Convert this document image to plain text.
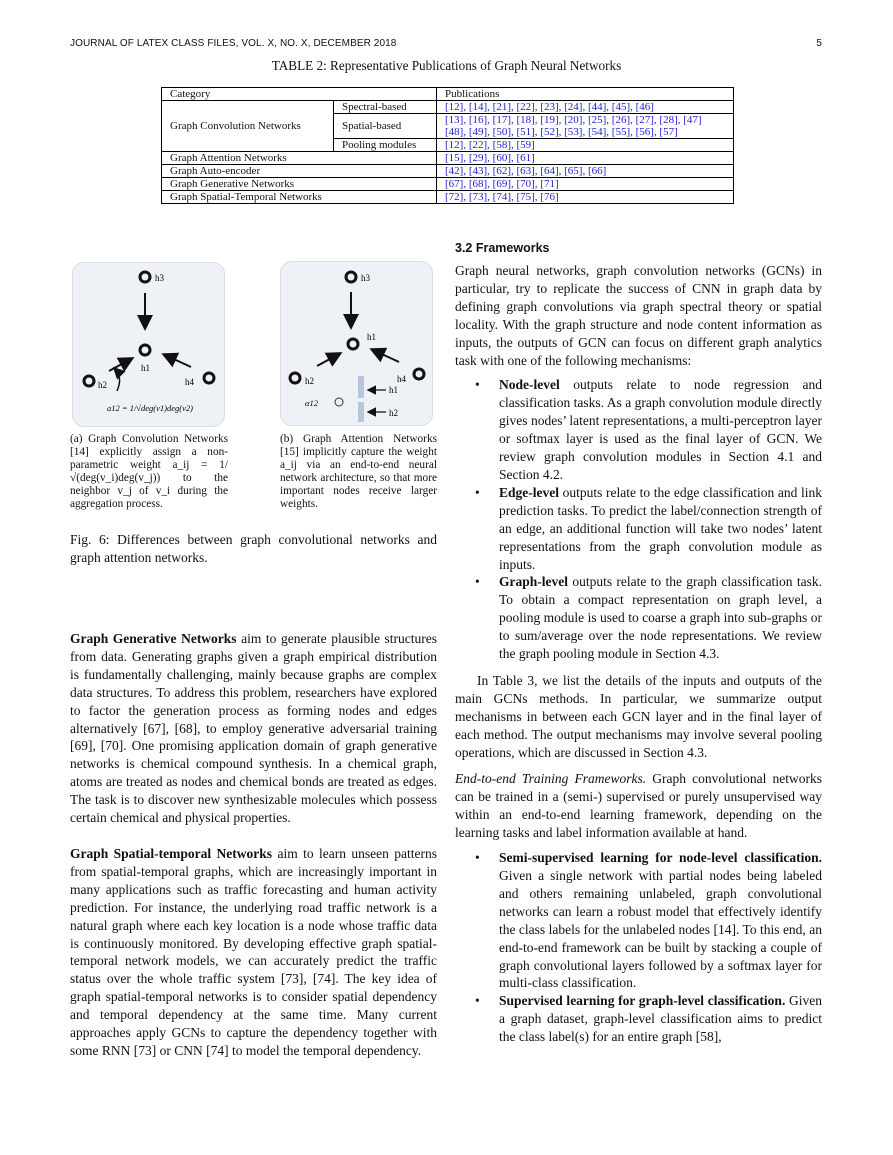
JOURNAL OF LATEX CLASS FILES, VOL. X, NO. X, DECEMBER 2018	5
TABLE 2: Representative Publications of Graph Neural Networks
Category		Publications
Graph Convolution Networks	Spectral-based	[12], [14], [21], [22], [23], [24], [44], [45], [46]
	Spatial-based	[13], [16], [17], [18], [19], [20], [25], [26], [27], [28], [47] [48], [49], [50], [51], [52], [53], [54], [55], [56], [57]
	Pooling modules	[12], [22], [58], [59]
Graph Attention Networks		[15], [29], [60], [61]
Graph Auto-encoder		[42], [43], [62], [63], [64], [65], [66]
Graph Generative Networks		[67], [68], [69], [70], [71]
Graph Spatial-Temporal Networks		[72], [73], [74], [75], [76]
h3
h1
h2	h4
a12 = 1/√deg(v1)deg(v2)
h3
h1
h2	h4
h1
h2
α12
(a) Graph Convolution Networks [14] explicitly assign a non-parametric weight a_ij = 1/√(deg(v_i)deg(v_j)) to the neighbor v_j of v_i during the aggregation process.
(b) Graph Attention Networks [15] implicitly capture the weight a_ij via an end-to-end neural network architecture, so that more important nodes receive larger weights.
Fig. 6: Differences between graph convolutional networks and graph attention networks.

Graph Generative Networks aim to generate plausible structures from data. Generating graphs given a graph empirical distribution is fundamentally challenging, mainly because graphs are complex data structures. To address this problem, researchers have explored to factor the generation process as forming nodes and edges alternatively [67], [68], to employ generative adversarial training [69], [70]. One promising application domain of graph generative networks is chemical compound synthesis. In a chemical graph, atoms are treated as nodes and chemical bonds are treated as edges. The task is to discover new synthesizable molecules which possess certain chemical and physical properties.

Graph Spatial-temporal Networks aim to learn unseen patterns from spatial-temporal graphs, which are increasingly important in many applications such as traffic forecasting and human activity prediction. For instance, the underlying road traffic network is a natural graph where each key location is a node whose traffic data is continuously monitored. By developing effective graph spatial-temporal network models, we can accurately predict the traffic status over the whole traffic system [73], [74]. The key idea of graph spatial-temporal networks is to consider spatial dependency and temporal dependency at the same time. Many current approaches apply GCNs to capture the dependency together with some RNN [73] or CNN [74] to model the temporal dependency.

3.2 Frameworks

Graph neural networks, graph convolution networks (GCNs) in particular, try to replicate the success of CNN in graph data by defining graph convolutions via graph spectral theory or spatial locality. With the graph structure and node content information as inputs, the outputs of GCN can focus on different graph analytics task with one of the following mechanisms:

• Node-level outputs relate to node regression and classification tasks. As a graph convolution module directly gives nodes’ latent representations, a multi-perceptron layer or softmax layer is used as the final layer of GCN. We review graph convolution modules in Section 4.1 and Section 4.2.
• Edge-level outputs relate to the edge classification and link prediction tasks. To predict the label/connection strength of an edge, an additional function will take two nodes’ latent representations from the graph convolution module as inputs.
• Graph-level outputs relate to the graph classification task. To obtain a compact representation on graph level, a pooling module is used to coarse a graph into sub-graphs or to sum/average over the node representations. We review the graph pooling module in Section 4.3.

In Table 3, we list the details of the inputs and outputs of the main GCNs methods. In particular, we summarize output mechanisms in between each GCN layer and in the final layer of each method. The output mechanisms may involve several pooling operations, which are discussed in Section 4.3.

End-to-end Training Frameworks. Graph convolutional networks can be trained in a (semi-) supervised or purely unsupervised way within an end-to-end learning framework, depending on the learning tasks and label information available at hand.

• Semi-supervised learning for node-level classification. Given a single network with partial nodes being labeled and others remaining unlabeled, graph convolutional networks can learn a robust model that effectively identify the class labels for the unlabeled nodes [14]. To this end, an end-to-end framework can be built by stacking a couple of graph convolutional layers followed by a softmax layer for multi-class classification.
• Supervised learning for graph-level classification. Given a graph dataset, graph-level classification aims to predict the class label(s) for an entire graph [58],
